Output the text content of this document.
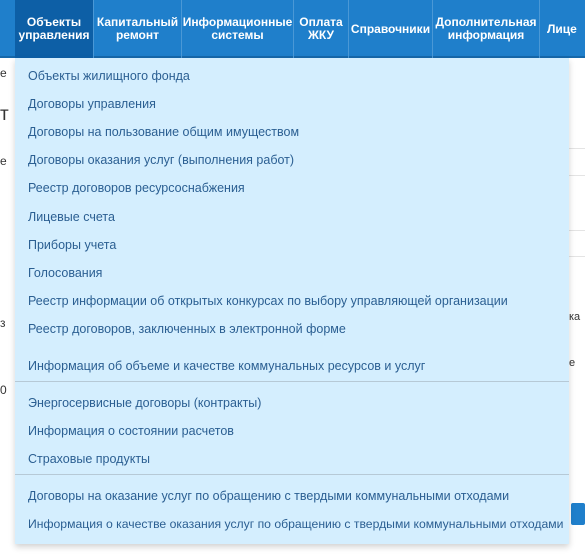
Объекты
управления
Капитальный
ремонт
Информационные
системы
Оплата
ЖКУ	Справочники Дополнительная
информация	Лице
е
т
е
з
0
ка
е
Объекты жилищного фонда
Договоры управления
Договоры на пользование общим имуществом
Договоры оказания услуг (выполнения работ)
Реестр договоров ресурсоснабжения
Лицевые счета
Приборы учета
Голосования
Реестр информации об открытых конкурсах по выбору управляющей организации
Реестр договоров, заключенных в электронной форме
Информация об объеме и качестве коммунальных ресурсов и услуг
Энергосервисные договоры (контракты)
Информация о состоянии расчетов
Страховые продукты
Договоры на оказание услуг по обращению с твердыми коммунальными отходами
Информация о качестве оказания услуг по обращению с твердыми коммунальными отходами
